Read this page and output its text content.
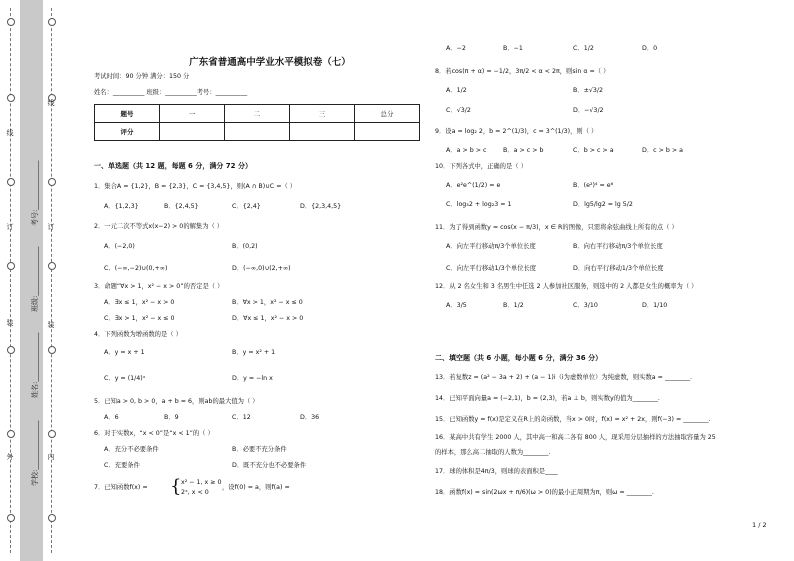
线
订
装
外
线
订
装
内
学校:______________
姓名:______________
班级:______________
考号:______________
广东省普通高中学业水平模拟卷（七）
考试时间：90 分钟 满分：150 分
姓名：__________ 班级：__________考号：__________
题号	一	二	三	总分
评分				
一、单选题（共 12 题，每题 6 分，满分 72 分）
1．集合A = {1,2}，B = {2,3}，C = {3,4,5}，则(A ∩ B)∪C =（ ）
A．{1,2,3}	B．{2,4,5}	C．{2,4}	D．{2,3,4,5}
2．一元二次不等式x(x−2) > 0的解集为（ ）
A．(−2,0)	B．(0,2)
C．(−∞,−2)∪(0,+∞)	D．(−∞,0)∪(2,+∞)
3．命题“∀x > 1，x² − x > 0”的否定是（ ）
A．∃x ≤ 1，x² − x > 0	B．∀x > 1，x² − x ≤ 0
C．∃x > 1，x² − x ≤ 0	D．∀x ≤ 1，x² − x > 0
4．下列函数为增函数的是（ ）
A．y = x + 1	B．y = x² + 1
C．y = (1/4)ˣ	D．y = −ln x
5．已知a > 0, b > 0，a + b = 6，则ab的最大值为（ ）
A．6	B．9	C．12	D．36
6．对于实数x，“x < 0”是“x < 1”的（ ）
A．充分不必要条件	B．必要不充分条件
C．充要条件	D．既不充分也不必要条件
7．已知函数f(x) = { x² − 1, x ≥ 0
2ˣ, x < 0
，设f(0) = a，则f(a) =
A．−2	B．−1	C．1/2	D．0
8．若cos(π + α) = −1/2，3π/2 < α < 2π，则sin α =（ ）
A．1/2	B．±√3/2
C．√3/2	D．−√3/2
9．设a = log₂ 2，b = 2^(1/3)，c = 3^(1/3)，则（ ）
A．a > b > c	B．a > c > b	C．b > c > a	D．c > b > a
10．下列各式中，正确的是（ ）
A．e²e^(1/2) = e	B．(e²)⁴ = e⁶
C．log₃2 + log₂3 = 1	D．lg5/lg2 = lg 5/2
11．为了得到函数y = cos(x − π/3)，x ∈ R的图像，只需将余弦曲线上所有的点（ ）
A．向左平行移动π/3个单位长度	B．向右平行移动π/3个单位长度
C．向左平行移动1/3个单位长度	D．向右平行移动1/3个单位长度
12．从 2 名女生和 3 名男生中任选 2 人参加社区服务，则选中的 2 人都是女生的概率为（ ）
A．3/5	B．1/2	C．3/10	D．1/10
二、填空题（共 6 小题，每小题 6 分，满分 36 分）
13．若复数z = (a² − 3a + 2) + (a − 1)i（i为虚数单位）为纯虚数，则实数a = ________.
14．已知平面向量a = (−2,1)，b = (2,3)，若a ⊥ b，则实数y的值为________.
15．已知函数y = f(x)是定义在R上的奇函数，当x > 0时，f(x) = x² + 2x，则f(−3) = ________.
16．某高中共有学生 2000 人，其中高一和高二各有 800 人，现采用分层抽样的方法抽取容量为 25
的样本，那么高二抽取的人数为________.
17．球的体积是4π/3，则球的表面积是____
18．函数f(x) = sin(2ωx + π/6)(ω > 0)的最小正周期为π，则ω = ________.
1 / 2
